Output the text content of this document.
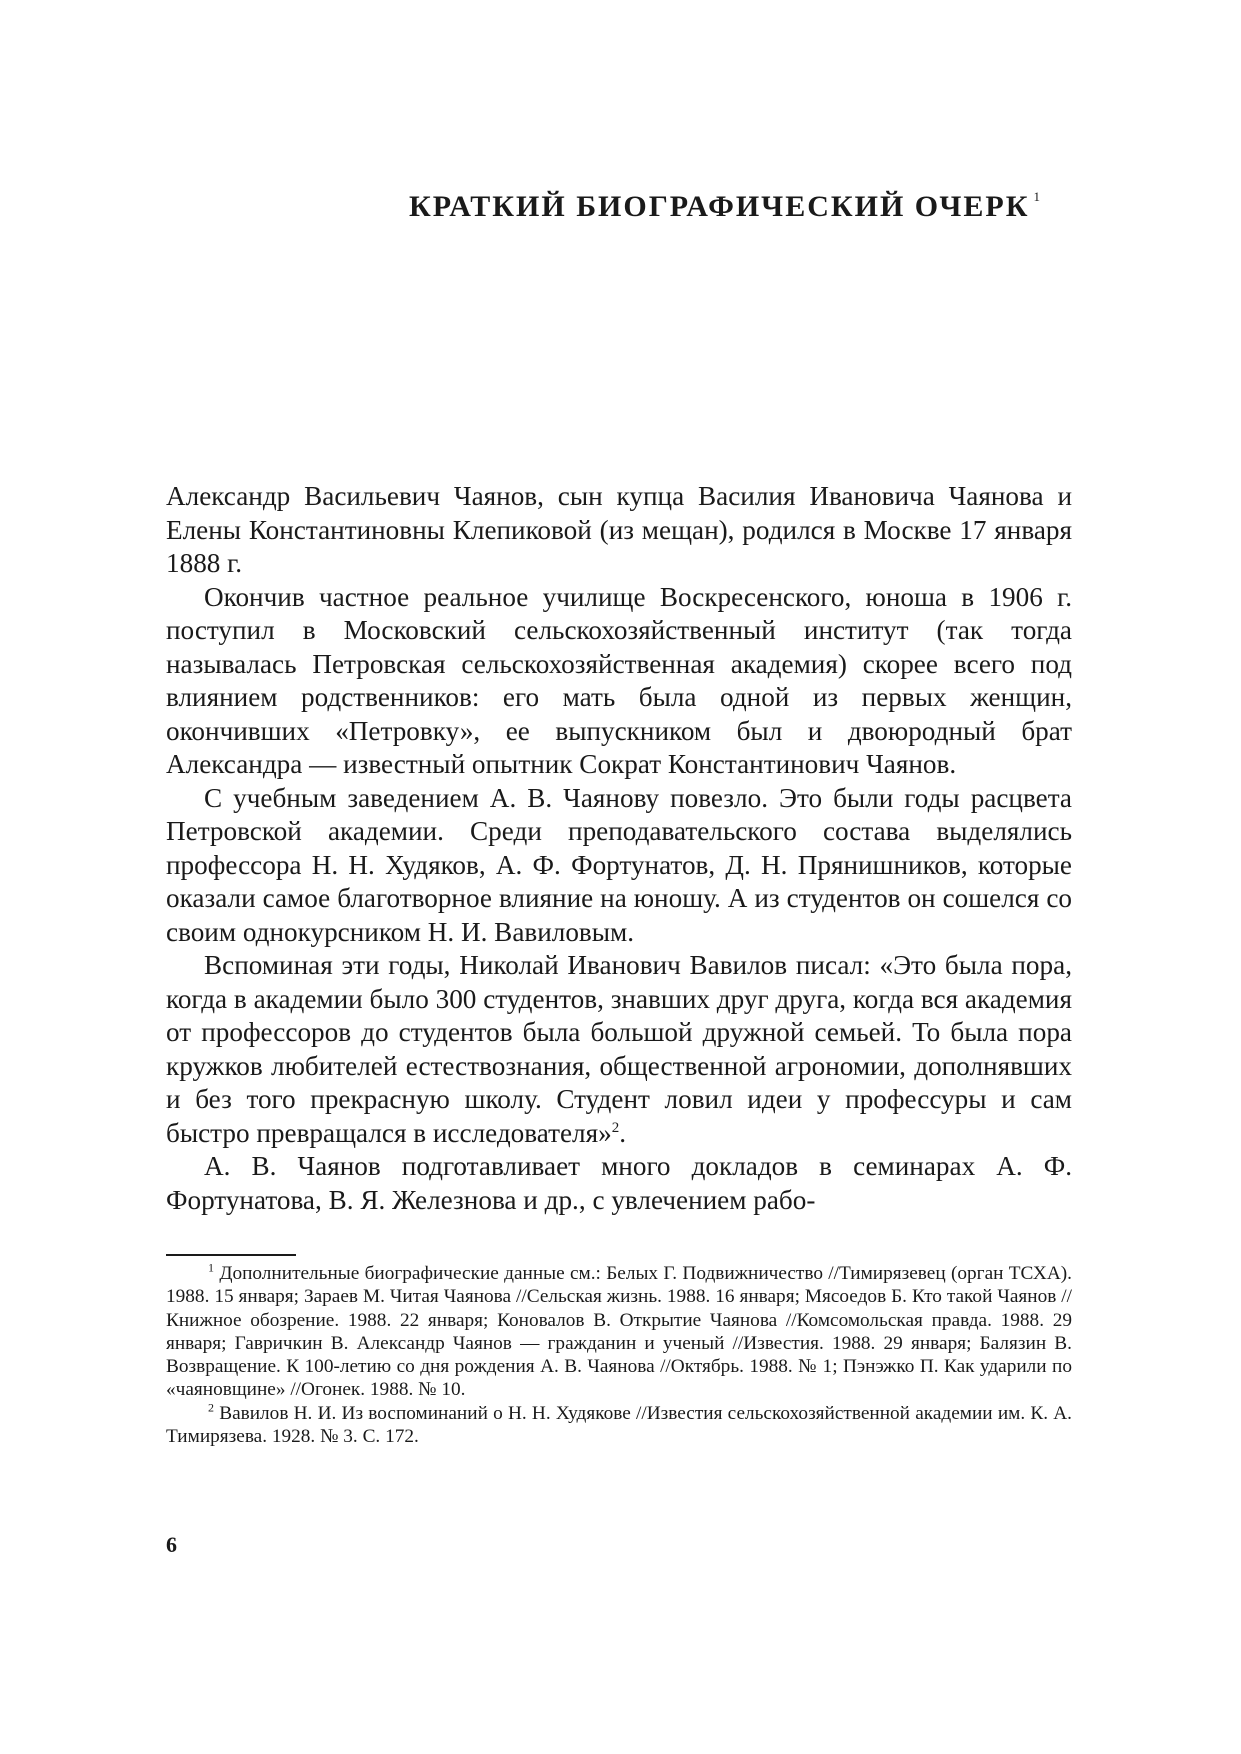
КРАТКИЙ БИОГРАФИЧЕСКИЙ ОЧЕРК $^1$

Александр Васильевич Чаянов, сын купца Василия Ивановича Чаянова и Елены Константиновны Клепиковой (из мещан), родился в Москве 17 января 1888 г.

Окончив частное реальное училище Воскресенского, юноша в 1906 г. поступил в Московский сельскохозяйственный институт (так тогда называлась Петровская сельскохозяйственная академия) скорее всего под влиянием родственников: его мать была одной из первых женщин, окончивших «Петровку», ее выпускником был и двоюродный брат Александра — известный опытник Сократ Константинович Чаянов.

С учебным заведением А. В. Чаянову повезло. Это были годы расцвета Петровской академии. Среди преподавательского состава выделялись профессора Н. Н. Худяков, А. Ф. Фортунатов, Д. Н. Прянишников, которые оказали самое благотворное влияние на юношу. А из студентов он сошелся со своим однокурсником Н. И. Вавиловым.

Вспоминая эти годы, Николай Иванович Вавилов писал: «Это была пора, когда в академии было 300 студентов, знавших друг друга, когда вся академия от профессоров до студентов была большой дружной семьей. То была пора кружков любителей естествознания, общественной агрономии, дополнявших и без того прекрасную школу. Студент ловил идеи у профессуры и сам быстро превращался в исследователя»$^2$.

А. В. Чаянов подготавливает много докладов в семинарах А. Ф. Фортунатова, В. Я. Железнова и др., с увлечением рабо-

$^1$ Дополнительные биографические данные см.: Белых Г. Подвижничество //Тимирязевец (орган ТСХА). 1988. 15 января; Зараев М. Читая Чаянова //Сельская жизнь. 1988. 16 января; Мясоедов Б. Кто такой Чаянов //Книжное обозрение. 1988. 22 января; Коновалов В. Открытие Чаянова //Комсомольская правда. 1988. 29 января; Гавричкин В. Александр Чаянов — гражданин и ученый //Известия. 1988. 29 января; Балязин В. Возвращение. К 100-летию со дня рождения А. В. Чаянова //Октябрь. 1988. № 1; Пэнэжко П. Как ударили по «чаяновщине» //Огонек. 1988. № 10.

$^2$ Вавилов Н. И. Из воспоминаний о Н. Н. Худякове //Известия сельскохозяйственной академии им. К. А. Тимирязева. 1928. № 3. С. 172.

6
